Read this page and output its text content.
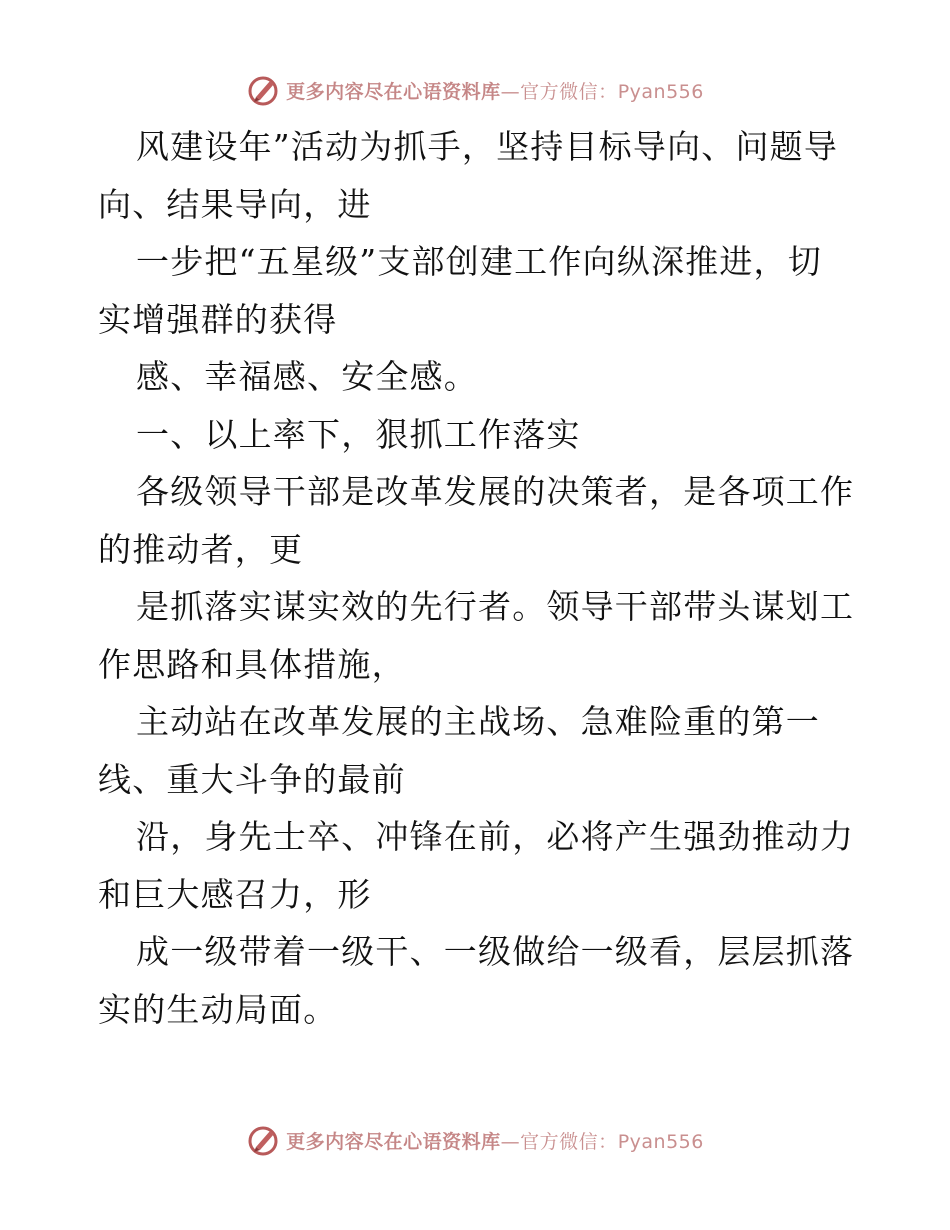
更多内容尽在心语资料库—官方微信：Pyan556
风建设年”活动为抓手，坚持目标导向、问题导
向、结果导向，进
一步把“五星级”支部创建工作向纵深推进，切
实增强群的获得
感、幸福感、安全感。
一、以上率下，狠抓工作落实
各级领导干部是改革发展的决策者，是各项工作
的推动者，更
是抓落实谋实效的先行者。领导干部带头谋划工
作思路和具体措施，
主动站在改革发展的主战场、急难险重的第一
线、重大斗争的最前
沿，身先士卒、冲锋在前，必将产生强劲推动力
和巨大感召力，形
成一级带着一级干、一级做给一级看，层层抓落
实的生动局面。
更多内容尽在心语资料库—官方微信：Pyan556
